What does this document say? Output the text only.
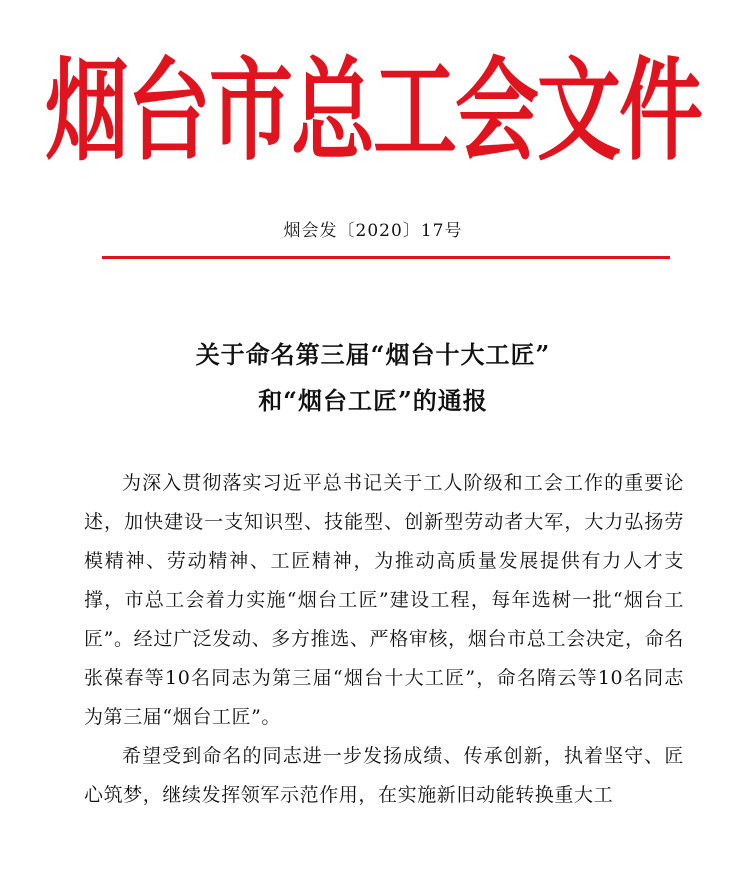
烟台市总工会文件
烟会发〔2020〕17号
关于命名第三届“烟台十大工匠”
和“烟台工匠”的通报

为深入贯彻落实习近平总书记关于工人阶级和工会工作的重要论述，加快建设一支知识型、技能型、创新型劳动者大军，大力弘扬劳模精神、劳动精神、工匠精神，为推动高质量发展提供有力人才支撑，市总工会着力实施“烟台工匠”建设工程，每年选树一批“烟台工匠”。经过广泛发动、多方推选、严格审核，烟台市总工会决定，命名张葆春等10名同志为第三届“烟台十大工匠”，命名隋云等10名同志为第三届“烟台工匠”。

希望受到命名的同志进一步发扬成绩、传承创新，执着坚守、匠心筑梦，继续发挥领军示范作用，在实施新旧动能转换重大工
